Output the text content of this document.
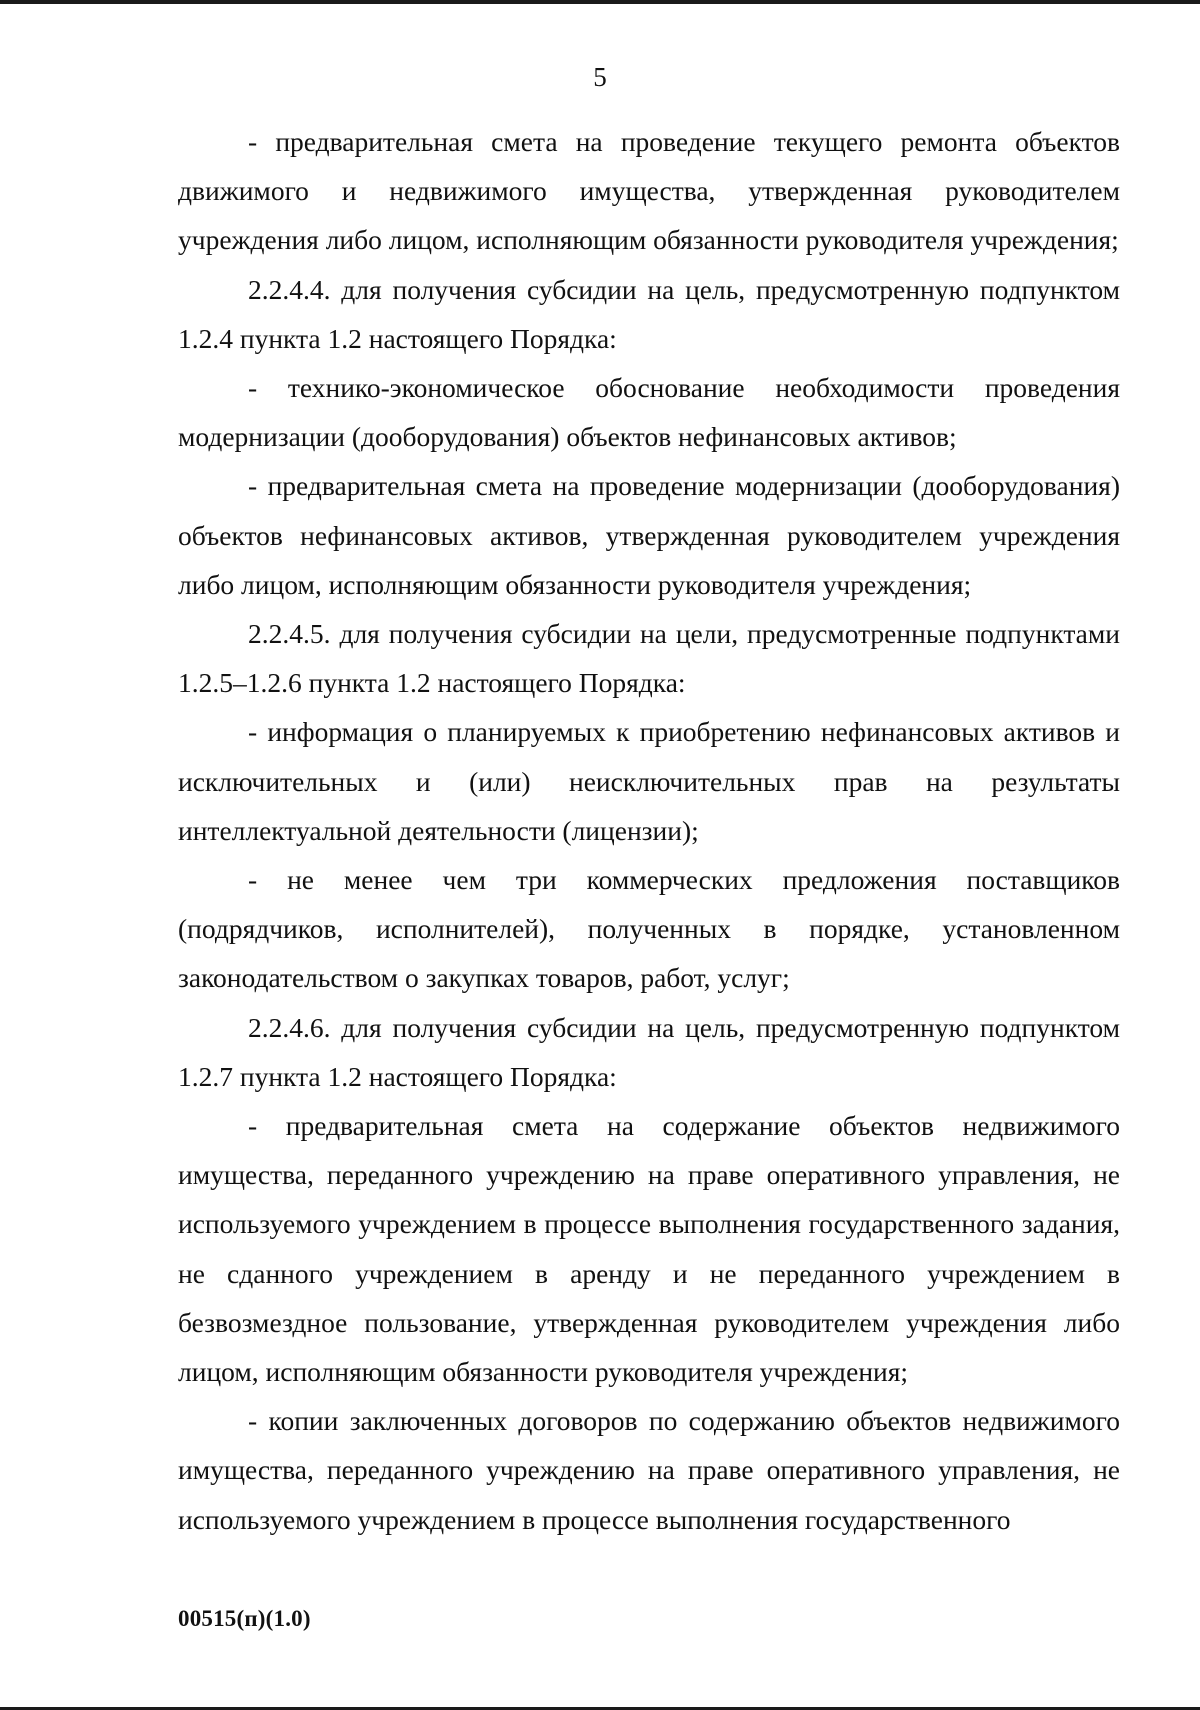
5

- предварительная смета на проведение текущего ремонта объектов движимого и недвижимого имущества, утвержденная руководителем учреждения либо лицом, исполняющим обязанности руководителя учреждения;

2.2.4.4. для получения субсидии на цель, предусмотренную подпунктом 1.2.4 пункта 1.2 настоящего Порядка:

- технико-экономическое обоснование необходимости проведения модернизации (дооборудования) объектов нефинансовых активов;

- предварительная смета на проведение модернизации (дооборудования) объектов нефинансовых активов, утвержденная руководителем учреждения либо лицом, исполняющим обязанности руководителя учреждения;

2.2.4.5. для получения субсидии на цели, предусмотренные подпунктами 1.2.5–1.2.6 пункта 1.2 настоящего Порядка:

- информация о планируемых к приобретению нефинансовых активов и исключительных и (или) неисключительных прав на результаты интеллектуальной деятельности (лицензии);

- не менее чем три коммерческих предложения поставщиков (подрядчиков, исполнителей), полученных в порядке, установленном законодательством о закупках товаров, работ, услуг;

2.2.4.6. для получения субсидии на цель, предусмотренную подпунктом 1.2.7 пункта 1.2 настоящего Порядка:

- предварительная смета на содержание объектов недвижимого имущества, переданного учреждению на праве оперативного управления, не используемого учреждением в процессе выполнения государственного задания, не сданного учреждением в аренду и не переданного учреждением в безвозмездное пользование, утвержденная руководителем учреждения либо лицом, исполняющим обязанности руководителя учреждения;

- копии заключенных договоров по содержанию объектов недвижимого имущества, переданного учреждению на праве оперативного управления, не используемого учреждением в процессе выполнения государственного

00515(п)(1.0)
